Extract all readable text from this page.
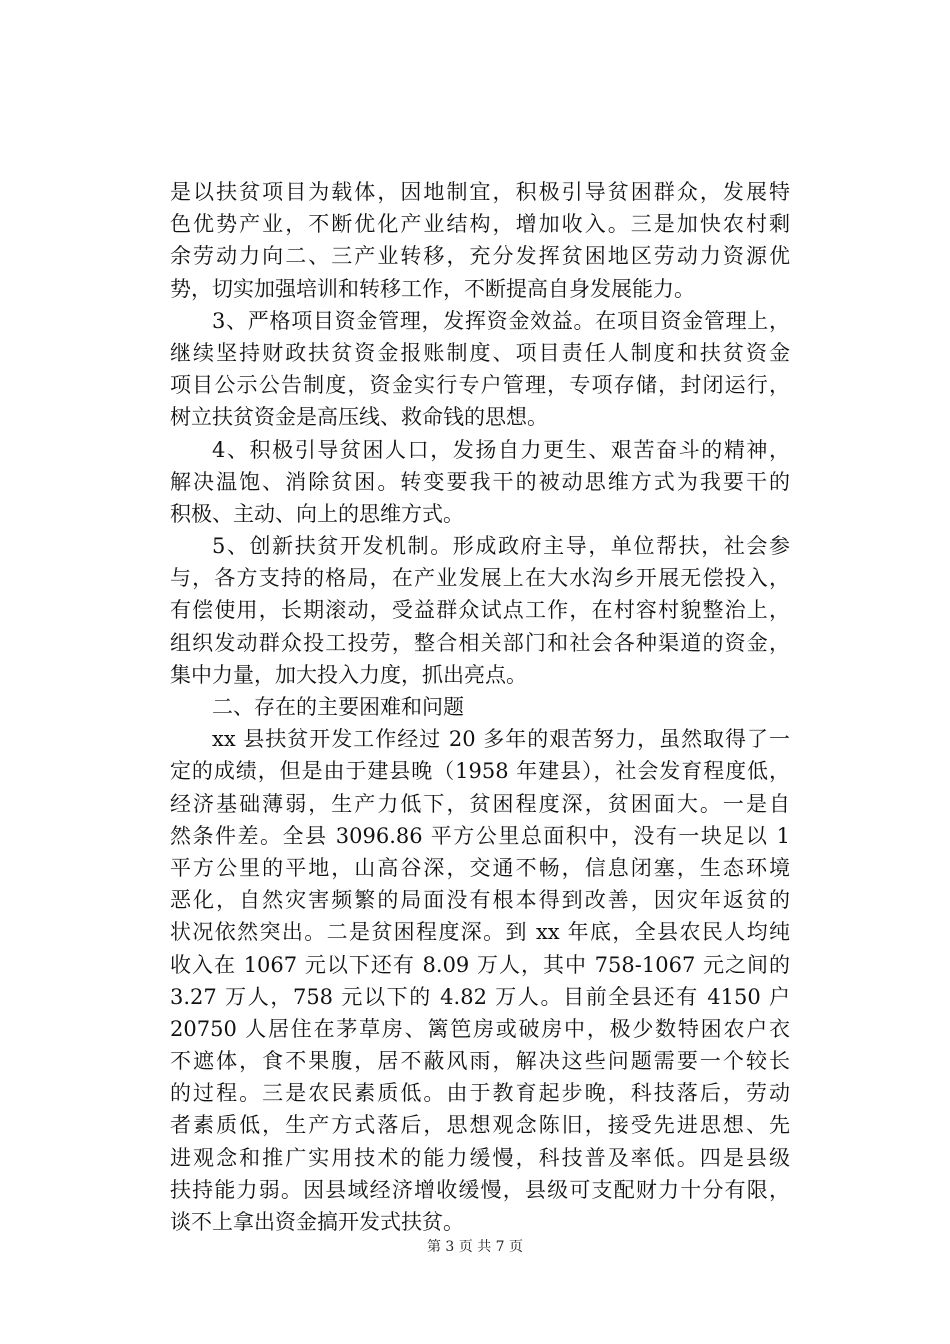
是以扶贫项目为载体，因地制宜，积极引导贫困群众，发展特
色优势产业，不断优化产业结构，增加收入。三是加快农村剩
余劳动力向二、三产业转移，充分发挥贫困地区劳动力资源优
势，切实加强培训和转移工作，不断提高自身发展能力。
3、严格项目资金管理，发挥资金效益。在项目资金管理上，
继续坚持财政扶贫资金报账制度、项目责任人制度和扶贫资金
项目公示公告制度，资金实行专户管理，专项存储，封闭运行，
树立扶贫资金是高压线、救命钱的思想。
4、积极引导贫困人口，发扬自力更生、艰苦奋斗的精神，
解决温饱、消除贫困。转变要我干的被动思维方式为我要干的
积极、主动、向上的思维方式。
5、创新扶贫开发机制。形成政府主导，单位帮扶，社会参
与，各方支持的格局，在产业发展上在大水沟乡开展无偿投入，
有偿使用，长期滚动，受益群众试点工作，在村容村貌整治上，
组织发动群众投工投劳，整合相关部门和社会各种渠道的资金，
集中力量，加大投入力度，抓出亮点。
二、存在的主要困难和问题
xx 县扶贫开发工作经过 20 多年的艰苦努力，虽然取得了一
定的成绩，但是由于建县晚（1958 年建县），社会发育程度低，
经济基础薄弱，生产力低下，贫困程度深，贫困面大。一是自
然条件差。全县 3096.86 平方公里总面积中，没有一块足以 1
平方公里的平地，山高谷深，交通不畅，信息闭塞，生态环境
恶化，自然灾害频繁的局面没有根本得到改善，因灾年返贫的
状况依然突出。二是贫困程度深。到 xx 年底，全县农民人均纯
收入在 1067 元以下还有 8.09 万人，其中 758-1067 元之间的
3.27 万人，758 元以下的 4.82 万人。目前全县还有 4150 户
20750 人居住在茅草房、篱笆房或破房中，极少数特困农户衣
不遮体，食不果腹，居不蔽风雨，解决这些问题需要一个较长
的过程。三是农民素质低。由于教育起步晚，科技落后，劳动
者素质低，生产方式落后，思想观念陈旧，接受先进思想、先
进观念和推广实用技术的能力缓慢，科技普及率低。四是县级
扶持能力弱。因县域经济增收缓慢，县级可支配财力十分有限，
谈不上拿出资金搞开发式扶贫。
第 3 页 共 7 页
